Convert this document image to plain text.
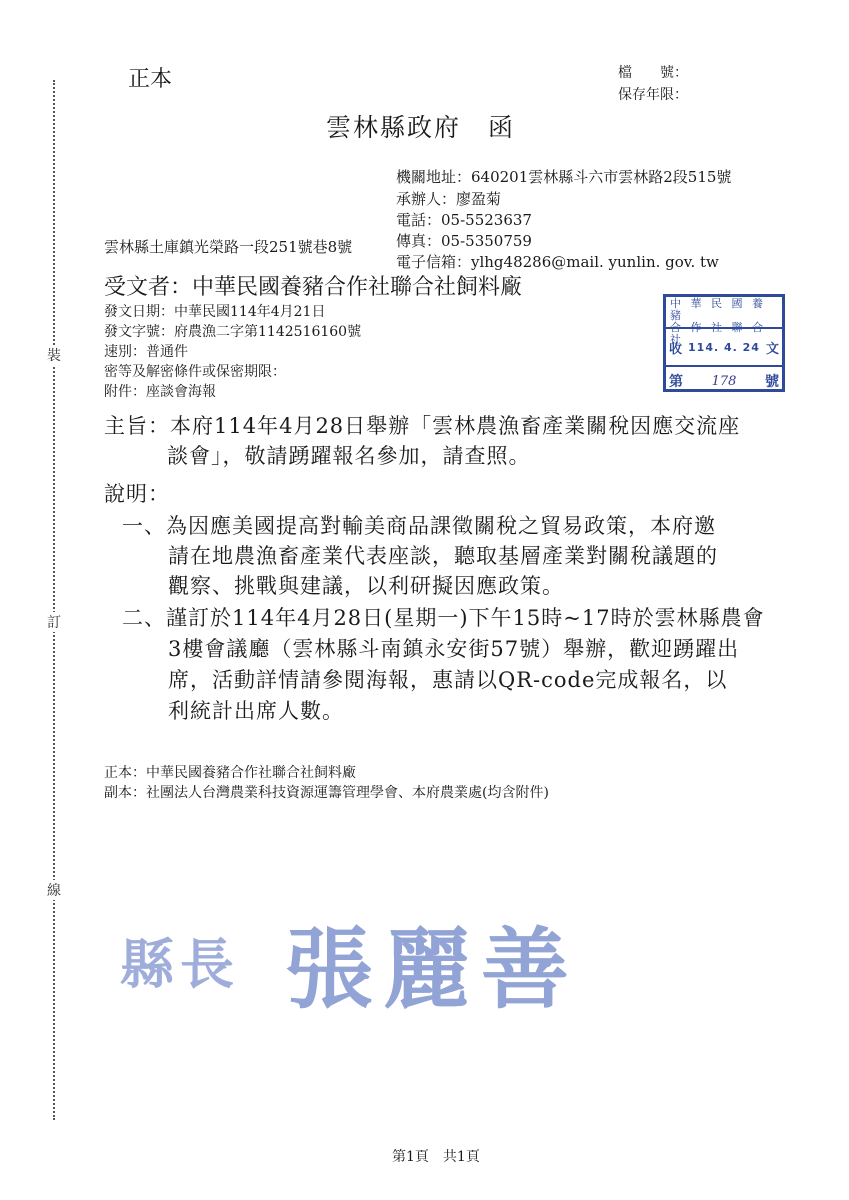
裝
訂
線
正本	檔　　號：
保存年限：
雲林縣政府　函
機關地址：640201雲林縣斗六市雲林路2段515號
承辦人：廖盈菊
電話：05-5523637
傳真：05-5350759
電子信箱：ylhg48286@mail. yunlin. gov. tw
雲林縣土庫鎮光榮路一段251號巷8號
受文者：中華民國養豬合作社聯合社飼料廠
發文日期：中華民國114年4月21日
發文字號：府農漁二字第1142516160號
速別：普通件
密等及解密條件或保密期限：
附件：座談會海報
中 華 民 國 養 豬
合 作 社 聯 合 社
收 114. 4. 24 文
第 178 號
主旨：本府114年4月28日舉辦「雲林農漁畜產業關稅因應交流座
談會」，敬請踴躍報名參加，請查照。
說明：
一、為因應美國提高對輸美商品課徵關稅之貿易政策，本府邀
請在地農漁畜產業代表座談，聽取基層產業對關稅議題的
觀察、挑戰與建議，以利研擬因應政策。
二、謹訂於114年4月28日(星期一)下午15時~17時於雲林縣農會
3樓會議廳（雲林縣斗南鎮永安街57號）舉辦，歡迎踴躍出
席，活動詳情請參閱海報，惠請以QR-code完成報名，以
利統計出席人數。
正本：中華民國養豬合作社聯合社飼料廠
副本：社團法人台灣農業科技資源運籌管理學會、本府農業處(均含附件)
縣長 張麗善
第1頁　共1頁
